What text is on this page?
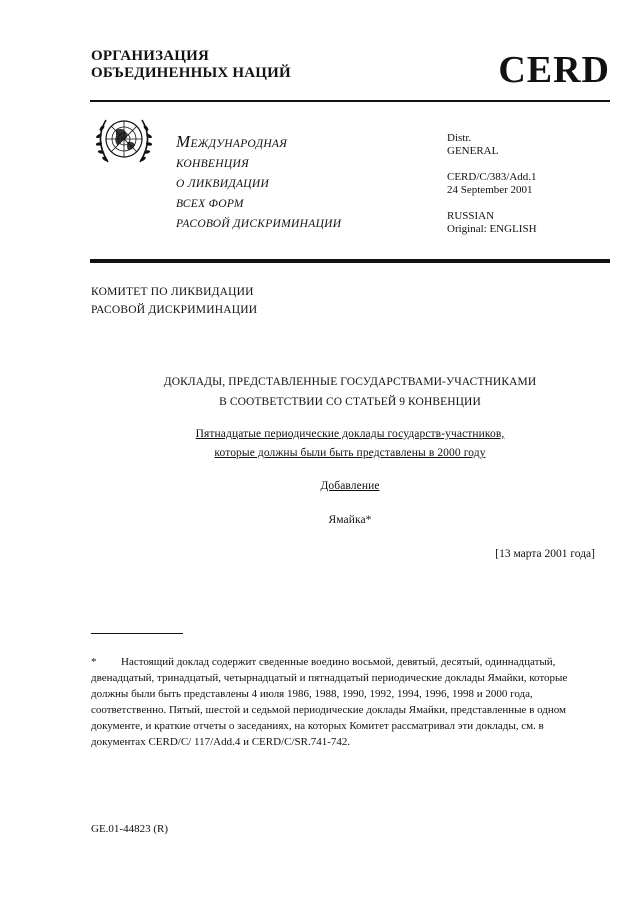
ОРГАНИЗАЦИЯ
ОБЪЕДИНЕННЫХ НАЦИЙ	CERD
МЕЖДУНАРОДНАЯ
КОНВЕНЦИЯ
О ЛИКВИДАЦИИ
ВСЕХ ФОРМ
РАСОВОЙ ДИСКРИМИНАЦИИ
Distr.
GENERAL
CERD/C/383/Add.1
24 September 2001
RUSSIAN
Original: ENGLISH
КОМИТЕТ ПО ЛИКВИДАЦИИ
РАСОВОЙ ДИСКРИМИНАЦИИ
ДОКЛАДЫ, ПРЕДСТАВЛЕННЫЕ ГОСУДАРСТВАМИ-УЧАСТНИКАМИ
В СООТВЕТСТВИИ СО СТАТЬЕЙ 9 КОНВЕНЦИИ
Пятнадцатые периодические доклады государств-участников,
которые должны были быть представлены в 2000 году
Добавление
Ямайка*
[13 марта 2001 года]
* Настоящий доклад содержит сведенные воедино восьмой, девятый, десятый, одиннадцатый, двенадцатый, тринадцатый, четырнадцатый и пятнадцатый периодические доклады Ямайки, которые должны были быть представлены 4 июля 1986, 1988, 1990, 1992, 1994, 1996, 1998 и 2000 года, соответственно. Пятый, шестой и седьмой периодические доклады Ямайки, представленные в одном документе, и краткие отчеты о заседаниях, на которых Комитет рассматривал эти доклады, см. в документах CERD/C/ 117/Add.4 и CERD/C/SR.741-742.
GE.01-44823 (R)
